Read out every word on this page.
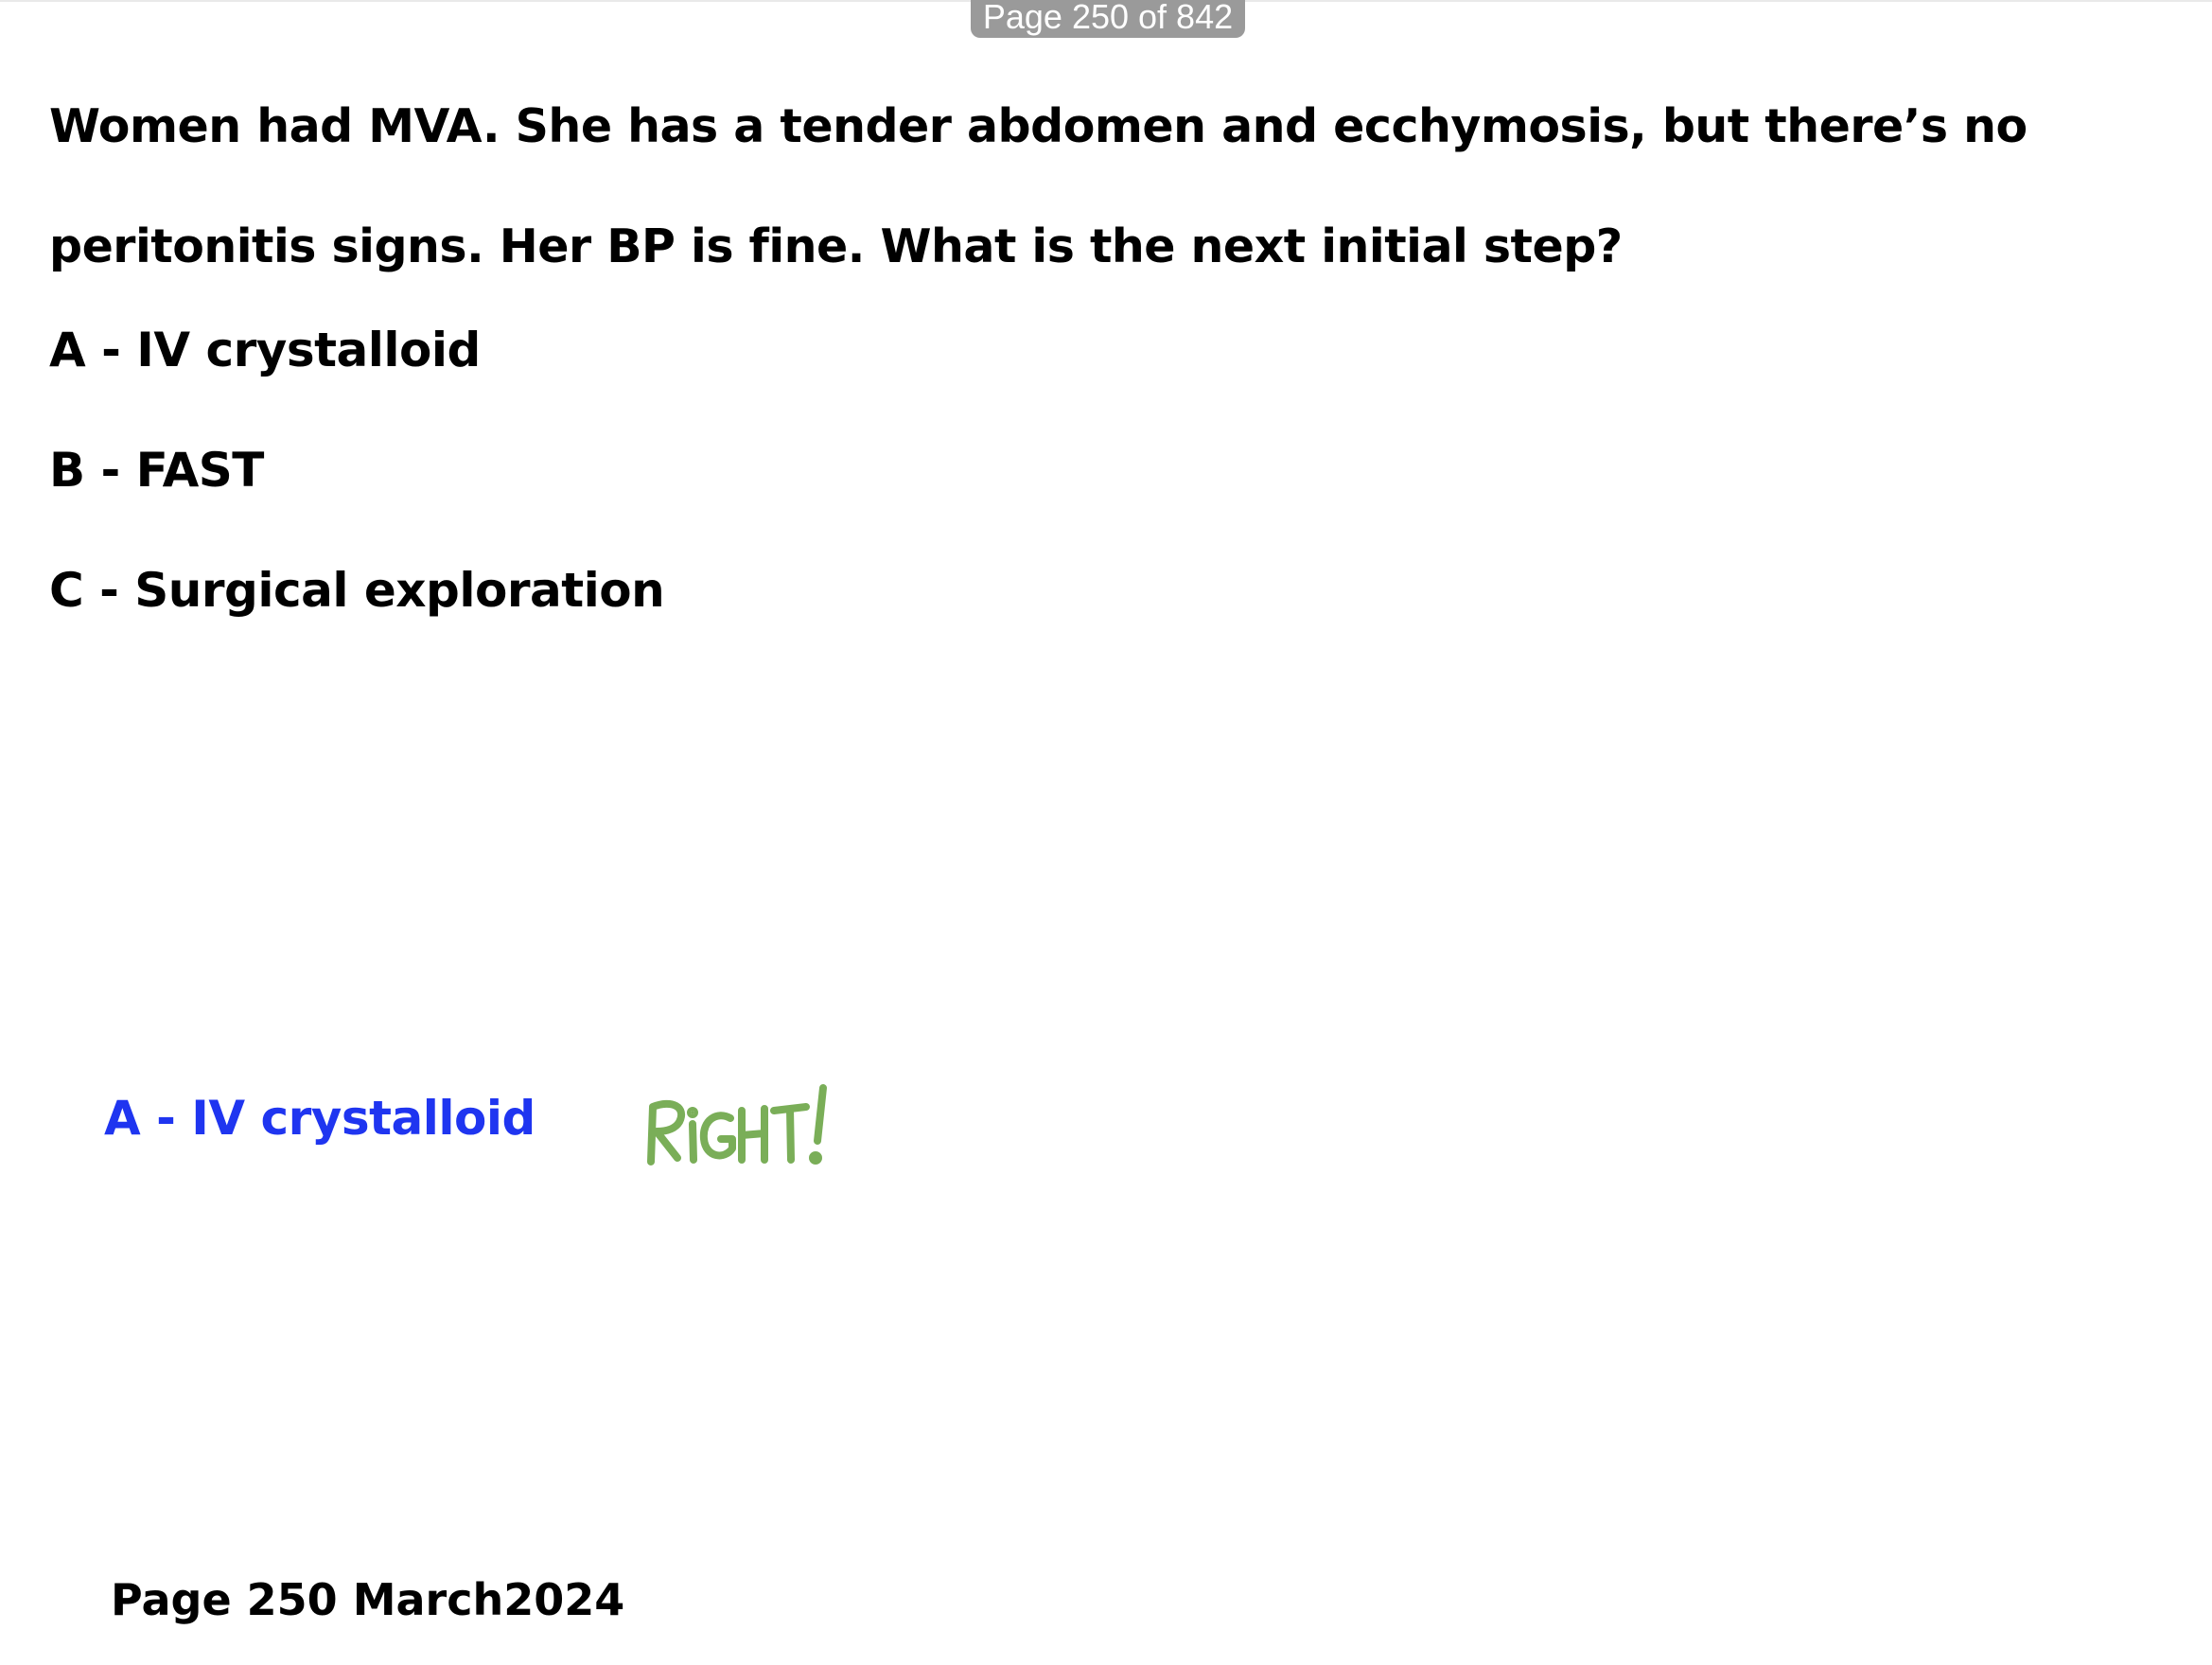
Page 250 of 842

Women had MVA. She has a tender abdomen and ecchymosis, but there’s no peritonitis signs. Her BP is fine. What is the next initial step?

A - IV crystalloid

B - FAST

C - Surgical exploration

A - IV crystalloid
Page 250 March2024
